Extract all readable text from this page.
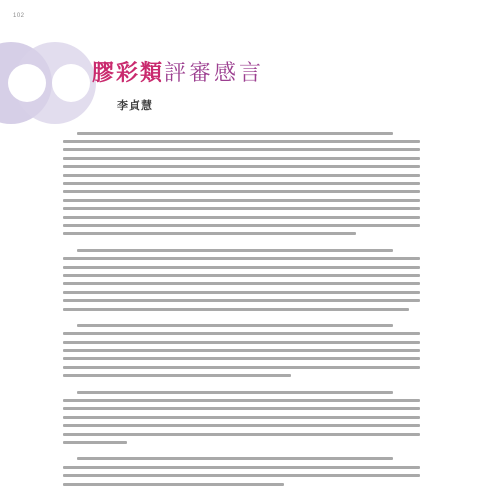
102
膠彩類評審感言
李貞慧
